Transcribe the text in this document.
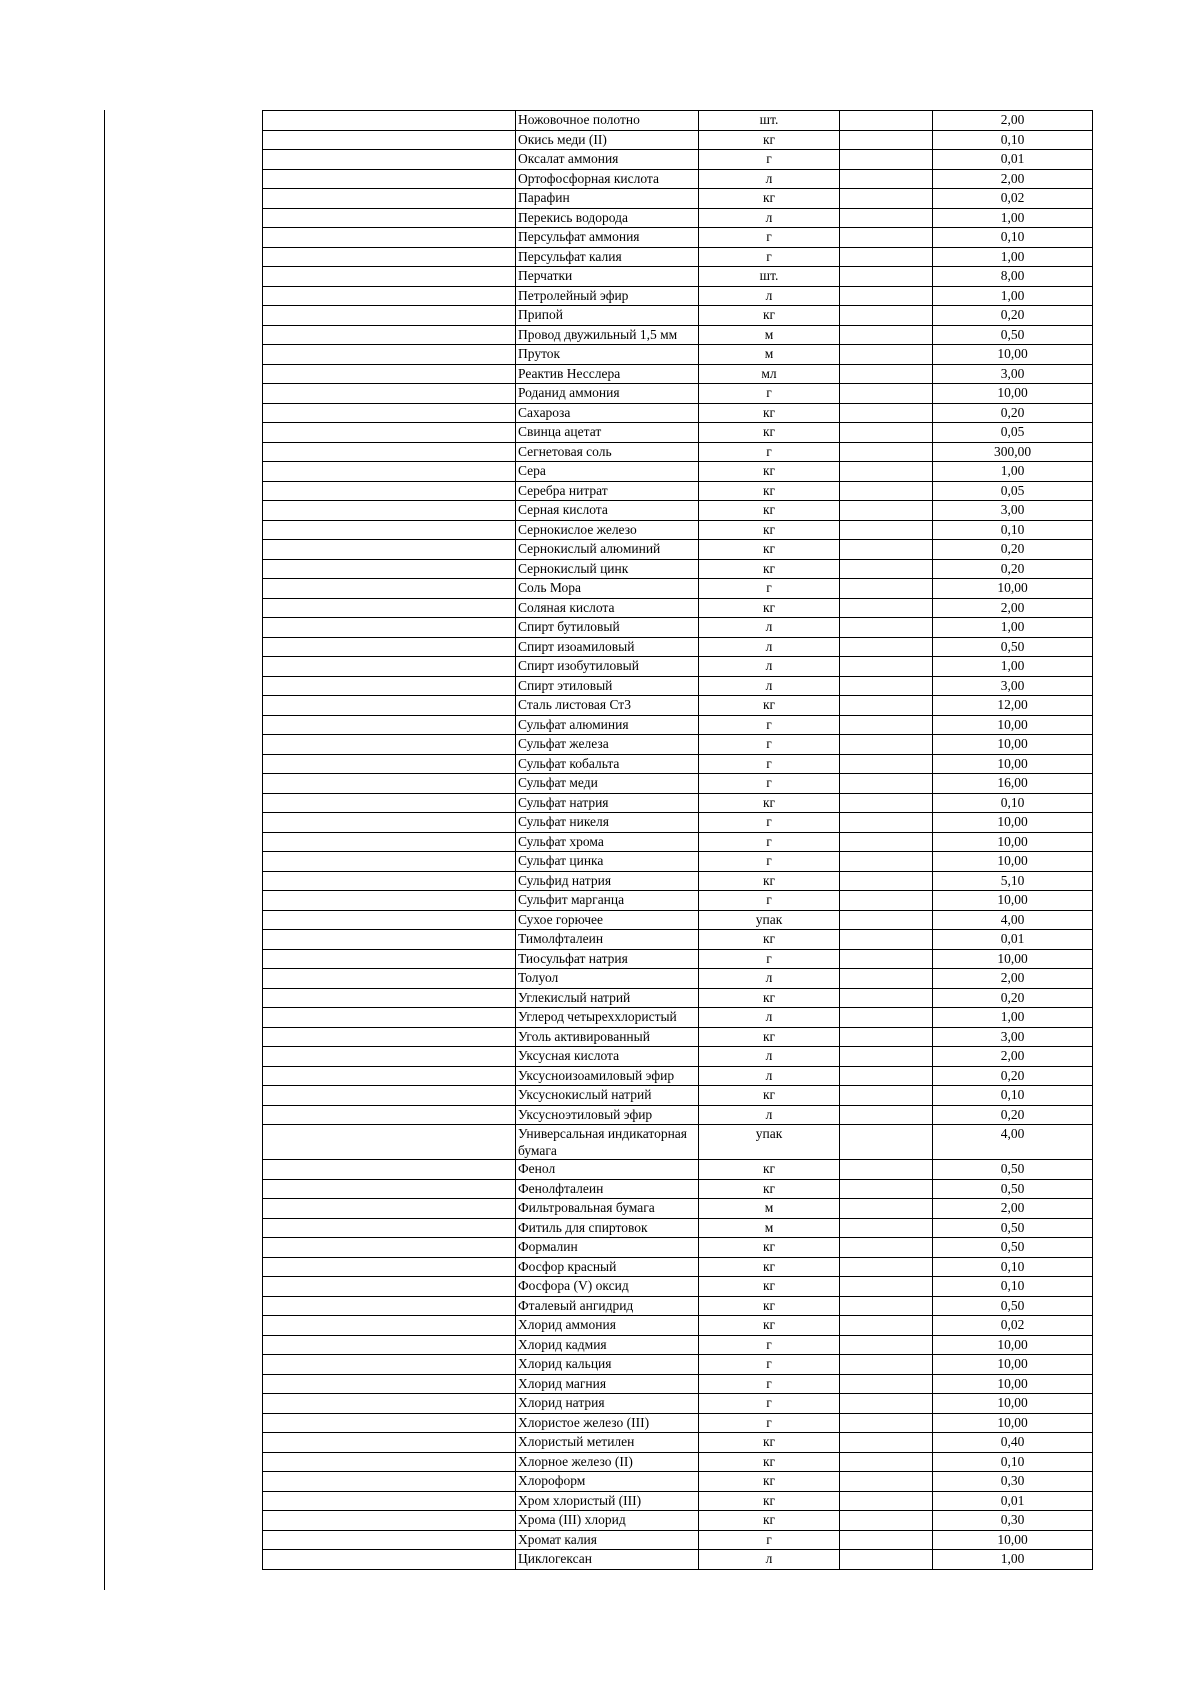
	Ножовочное полотно	шт.		2,00
	Окись меди (II)	кг		0,10
	Оксалат аммония	г		0,01
	Ортофосфорная кислота	л		2,00
	Парафин	кг		0,02
	Перекись водорода	л		1,00
	Персульфат аммония	г		0,10
	Персульфат калия	г		1,00
	Перчатки	шт.		8,00
	Петролейный эфир	л		1,00
	Припой	кг		0,20
	Провод двужильный 1,5 мм	м		0,50
	Пруток	м		10,00
	Реактив Несслера	мл		3,00
	Роданид аммония	г		10,00
	Сахароза	кг		0,20
	Свинца ацетат	кг		0,05
	Сегнетовая соль	г		300,00
	Сера	кг		1,00
	Серебра нитрат	кг		0,05
	Серная кислота	кг		3,00
	Сернокислое железо	кг		0,10
	Сернокислый алюминий	кг		0,20
	Сернокислый цинк	кг		0,20
	Соль Мора	г		10,00
	Соляная кислота	кг		2,00
	Спирт бутиловый	л		1,00
	Спирт изоамиловый	л		0,50
	Спирт изобутиловый	л		1,00
	Спирт этиловый	л		3,00
	Сталь листовая Ст3	кг		12,00
	Сульфат алюминия	г		10,00
	Сульфат железа	г		10,00
	Сульфат кобальта	г		10,00
	Сульфат меди	г		16,00
	Сульфат натрия	кг		0,10
	Сульфат никеля	г		10,00
	Сульфат хрома	г		10,00
	Сульфат цинка	г		10,00
	Сульфид натрия	кг		5,10
	Сульфит марганца	г		10,00
	Сухое горючее	упак		4,00
	Тимолфталеин	кг		0,01
	Тиосульфат натрия	г		10,00
	Толуол	л		2,00
	Углекислый натрий	кг		0,20
	Углерод четыреххлористый	л		1,00
	Уголь активированный	кг		3,00
	Уксусная кислота	л		2,00
	Уксусноизоамиловый эфир	л		0,20
	Уксуснокислый натрий	кг		0,10
	Уксусноэтиловый эфир	л		0,20
	Универсальная индикаторная бумага	упак		4,00
	Фенол	кг		0,50
	Фенолфталеин	кг		0,50
	Фильтровальная бумага	м		2,00
	Фитиль для спиртовок	м		0,50
	Формалин	кг		0,50
	Фосфор красный	кг		0,10
	Фосфора (V) оксид	кг		0,10
	Фталевый ангидрид	кг		0,50
	Хлорид аммония	кг		0,02
	Хлорид кадмия	г		10,00
	Хлорид кальция	г		10,00
	Хлорид магния	г		10,00
	Хлорид натрия	г		10,00
	Хлористое железо (III)	г		10,00
	Хлористый метилен	кг		0,40
	Хлорное железо (II)	кг		0,10
	Хлороформ	кг		0,30
	Хром хлористый (III)	кг		0,01
	Хрома (III) хлорид	кг		0,30
	Хромат калия	г		10,00
	Циклогексан	л		1,00
